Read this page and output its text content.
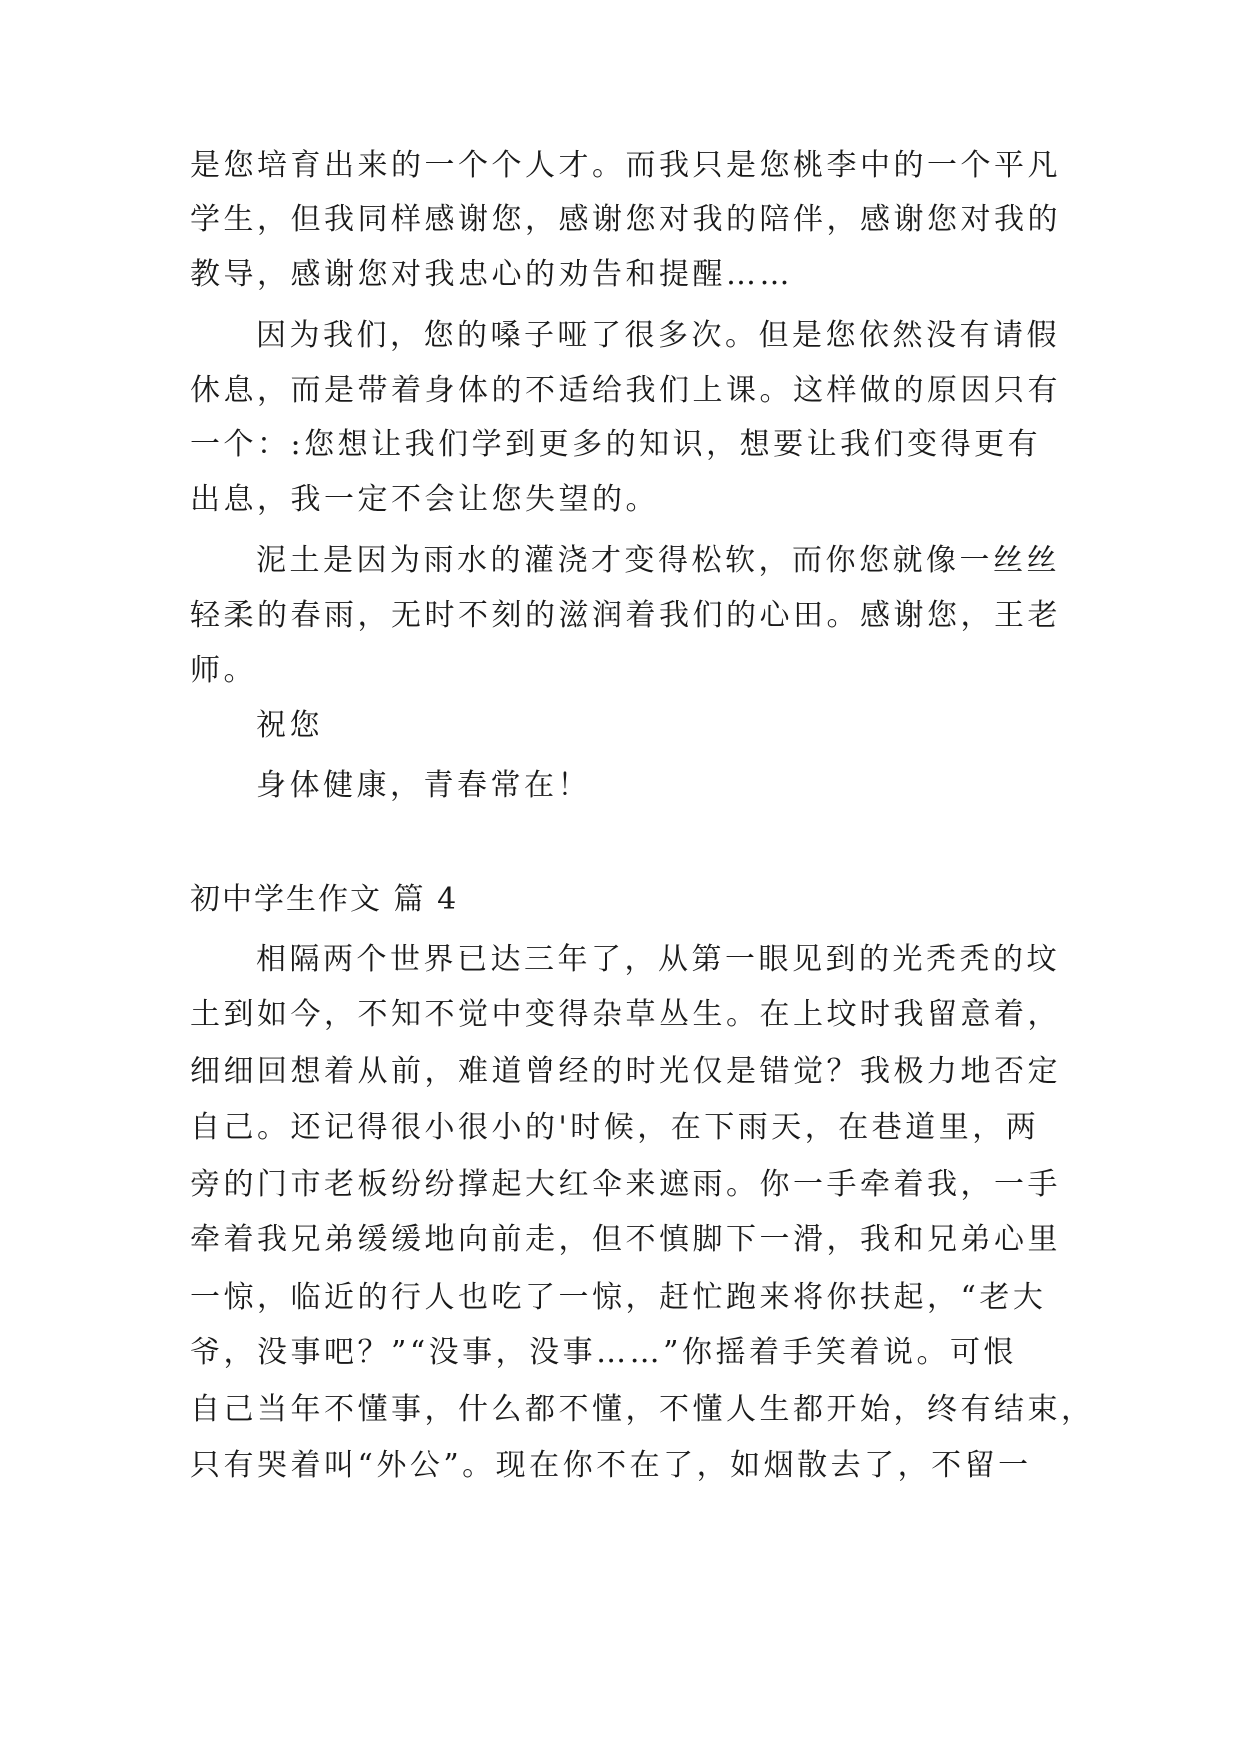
是您培育出来的一个个人才。而我只是您桃李中的一个平凡
学生，但我同样感谢您，感谢您对我的陪伴，感谢您对我的
教导，感谢您对我忠心的劝告和提醒……
因为我们，您的嗓子哑了很多次。但是您依然没有请假
休息，而是带着身体的不适给我们上课。这样做的原因只有
一个：:您想让我们学到更多的知识，想要让我们变得更有
出息，我一定不会让您失望的。
泥土是因为雨水的灌浇才变得松软，而你您就像一丝丝
轻柔的春雨，无时不刻的滋润着我们的心田。感谢您，王老
师。
祝您
身体健康，青春常在！
初中学生作文 篇 4
相隔两个世界已达三年了，从第一眼见到的光秃秃的坟
土到如今，不知不觉中变得杂草丛生。在上坟时我留意着，
细细回想着从前，难道曾经的时光仅是错觉？我极力地否定
自己。还记得很小很小的'时候，在下雨天，在巷道里，两
旁的门市老板纷纷撑起大红伞来遮雨。你一手牵着我，一手
牵着我兄弟缓缓地向前走，但不慎脚下一滑，我和兄弟心里
一惊，临近的行人也吃了一惊，赶忙跑来将你扶起，“老大
爷，没事吧？”“没事，没事……”你摇着手笑着说。可恨
自己当年不懂事，什么都不懂，不懂人生都开始，终有结束，
只有哭着叫“外公”。现在你不在了，如烟散去了，不留一
